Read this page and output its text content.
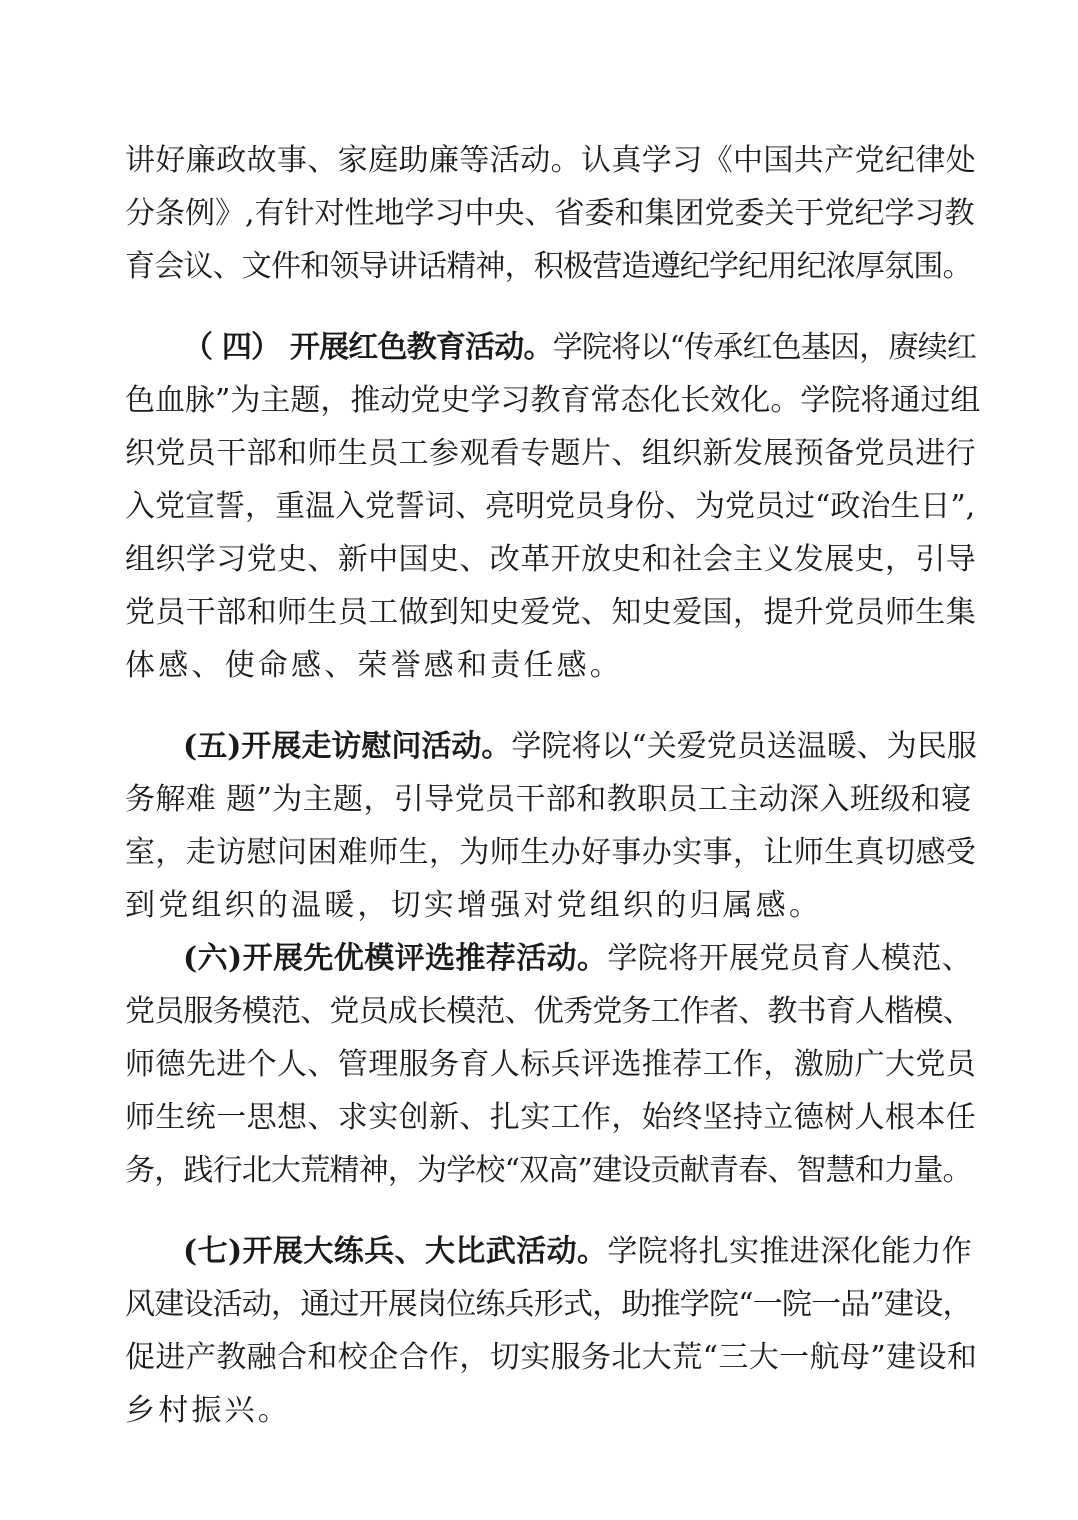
讲好廉政故事、家庭助廉等活动。认真学习《中国共产党纪律处
分条例》,有针对性地学习中央、省委和集团党委关于党纪学习教
育会议、文件和领导讲话精神，积极营造遵纪学纪用纪浓厚氛围。
（ 四） 开展红色教育活动。学院将以“传承红色基因，赓续红
色血脉”为主题，推动党史学习教育常态化长效化。学院将通过组
织党员干部和师生员工参观看专题片、组织新发展预备党员进行
入党宣誓，重温入党誓词、亮明党员身份、为党员过“政治生日”,
组织学习党史、新中国史、改革开放史和社会主义发展史，引导
党员干部和师生员工做到知史爱党、知史爱国，提升党员师生集
体感、使命感、荣誉感和责任感。
(五)开展走访慰问活动。学院将以“关爱党员送温暖、为民服
务解难 题”为主题，引导党员干部和教职员工主动深入班级和寝
室，走访慰问困难师生，为师生办好事办实事，让师生真切感受
到党组织的温暖，切实增强对党组织的归属感。
(六)开展先优模评选推荐活动。学院将开展党员育人模范、
党员服务模范、党员成长模范、优秀党务工作者、教书育人楷模、
师德先进个人、管理服务育人标兵评选推荐工作，激励广大党员
师生统一思想、求实创新、扎实工作，始终坚持立德树人根本任
务，践行北大荒精神，为学校“双高”建设贡献青春、智慧和力量。
(七)开展大练兵、大比武活动。学院将扎实推进深化能力作
风建设活动，通过开展岗位练兵形式，助推学院“一院一品”建设，
促进产教融合和校企合作，切实服务北大荒“三大一航母”建设和
乡村振兴。
